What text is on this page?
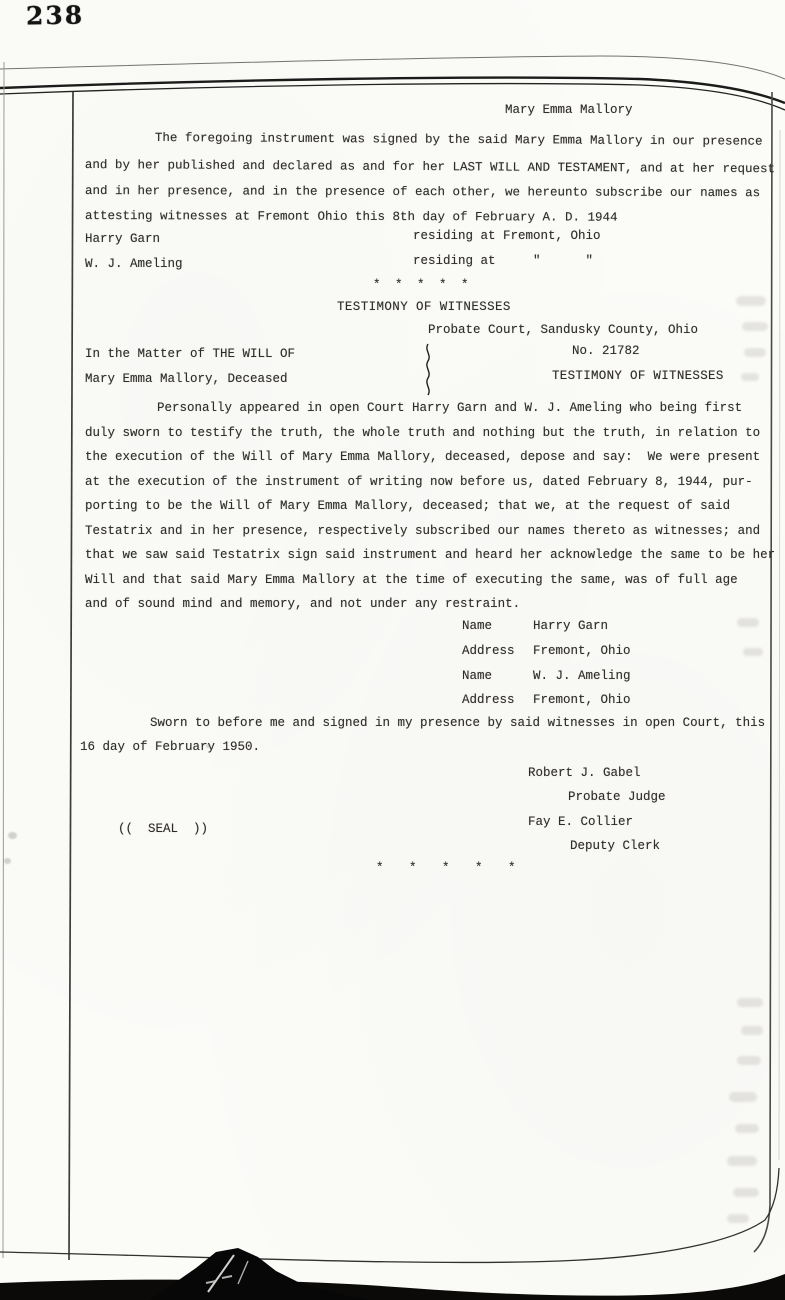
238
Mary Emma Mallory
The foregoing instrument was signed by the said Mary Emma Mallory in our presence
and by her published and declared as and for her LAST WILL AND TESTAMENT, and at her request
and in her presence, and in the presence of each other, we hereunto subscribe our names as
attesting witnesses at Fremont Ohio this 8th day of February A. D. 1944
Harry Garn	residing at Fremont, Ohio
W. J. Ameling	residing at     "      "
* * * * *
TESTIMONY OF WITNESSES
Probate Court, Sandusky County, Ohio
In the Matter of THE WILL OF
Mary Emma Mallory, Deceased
No. 21782
TESTIMONY OF WITNESSES
Personally appeared in open Court Harry Garn and W. J. Ameling who being first
duly sworn to testify the truth, the whole truth and nothing but the truth, in relation to
the execution of the Will of Mary Emma Mallory, deceased, depose and say:  We were present
at the execution of the instrument of writing now before us, dated February 8, 1944, pur-
porting to be the Will of Mary Emma Mallory, deceased; that we, at the request of said
Testatrix and in her presence, respectively subscribed our names thereto as witnesses; and
that we saw said Testatrix sign said instrument and heard her acknowledge the same to be her
Will and that said Mary Emma Mallory at the time of executing the same, was of full age
and of sound mind and memory, and not under any restraint.
Name	Harry Garn
Address Fremont, Ohio
Name	W. J. Ameling
Address Fremont, Ohio
Sworn to before me and signed in my presence by said witnesses in open Court, this
16 day of February 1950.
Robert J. Gabel
Probate Judge
Fay E. Collier
Deputy Clerk
((  SEAL  ))
*  *  *  *  *
